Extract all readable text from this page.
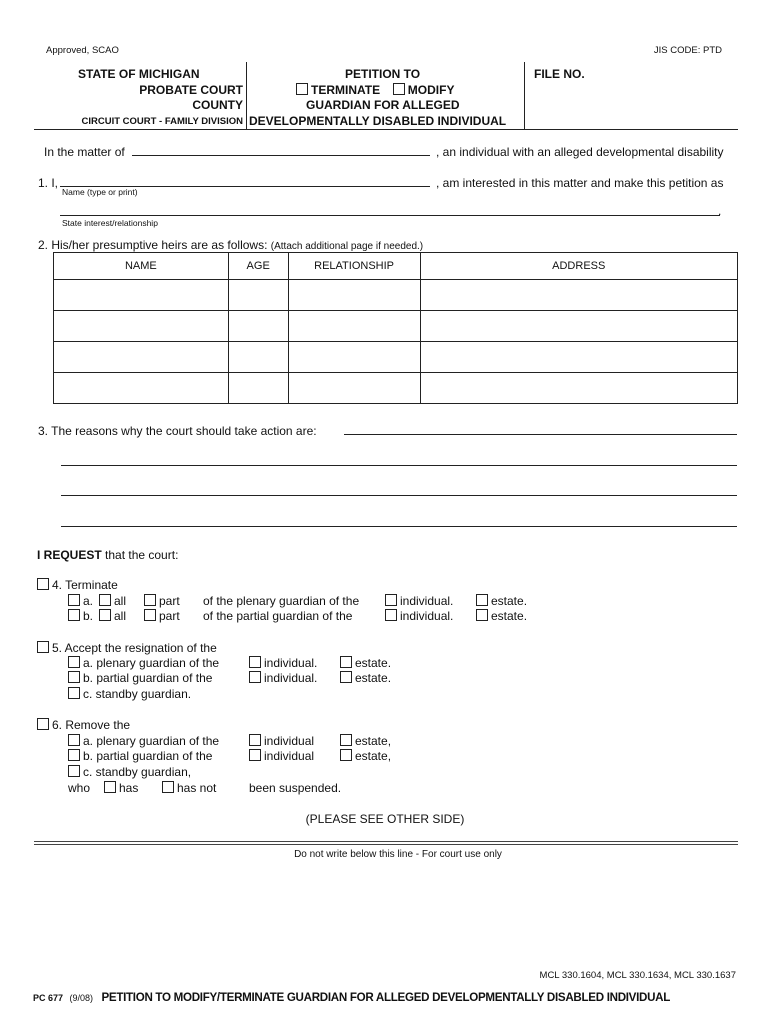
Approved, SCAO	JIS CODE: PTD
STATE OF MICHIGAN
PROBATE COURT
COUNTY
CIRCUIT COURT - FAMILY DIVISION
PETITION TO
TERMINATE MODIFY
GUARDIAN FOR ALLEGED
DEVELOPMENTALLY DISABLED INDIVIDUAL
FILE NO.
In the matter of	, an individual with an alleged developmental disability
1. I,	, am interested in this matter and make this petition as
Name (type or print)
.
State interest/relationship
2. His/her presumptive heirs are as follows: (Attach additional page if needed.)
NAME	AGE	RELATIONSHIP	ADDRESS

3. The reasons why the court should take action are:
I REQUEST that the court:
4. Terminate
a.	all	part of the plenary guardian of the	individual.	estate.
b.	all	part of the partial guardian of the	individual.	estate.
5. Accept the resignation of the
a. plenary guardian of the	individual.	estate.
b. partial guardian of the	individual.	estate.
c. standby guardian.
6. Remove the
a. plenary guardian of the	individual	estate,
b. partial guardian of the	individual	estate,
c. standby guardian,
who	has	has not	been suspended.
(PLEASE SEE OTHER SIDE)
Do not write below this line - For court use only
MCL 330.1604, MCL 330.1634, MCL 330.1637
PC 677 (9/08) PETITION TO MODIFY/TERMINATE GUARDIAN FOR ALLEGED DEVELOPMENTALLY DISABLED INDIVIDUAL
